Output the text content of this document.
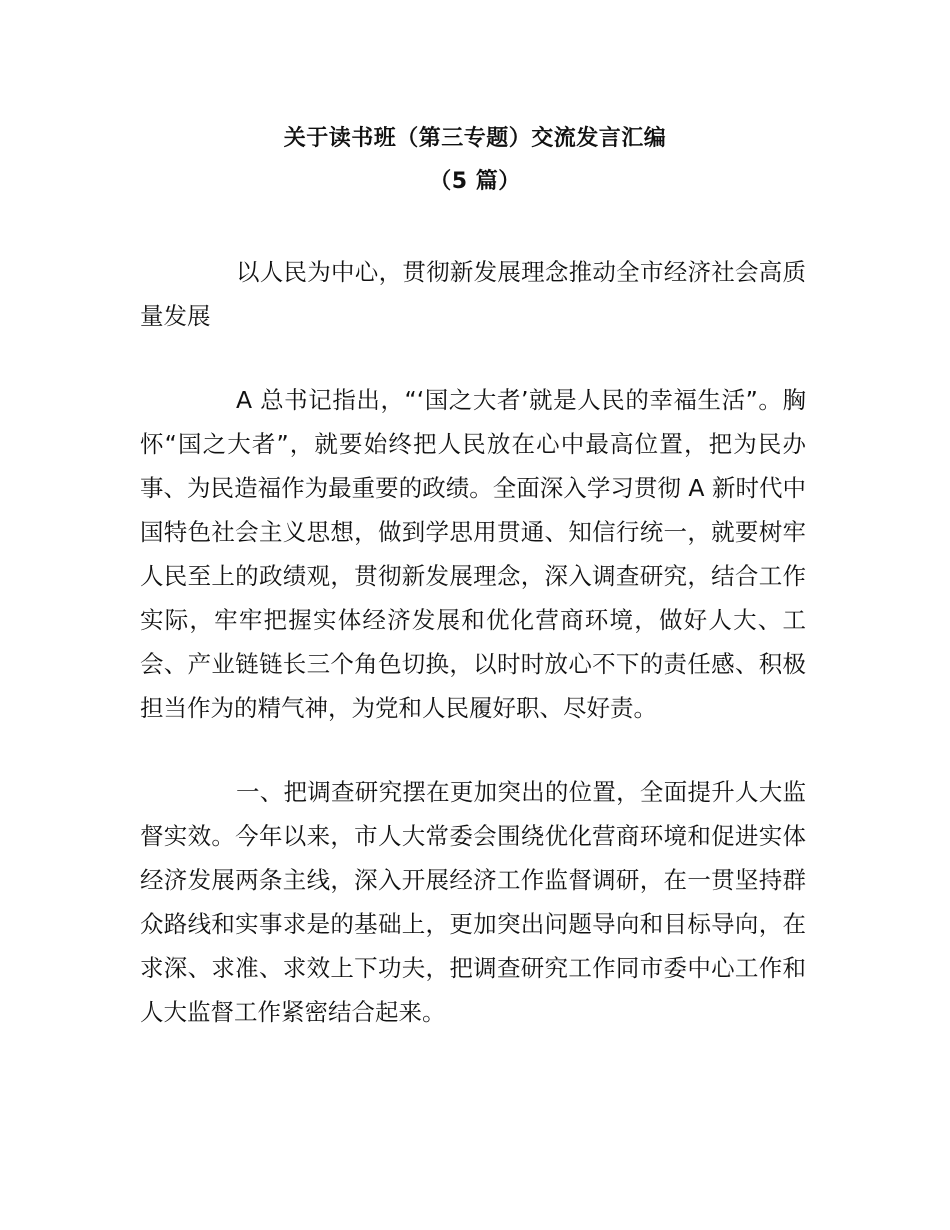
关于读书班（第三专题）交流发言汇编
（5 篇）

以人民为中心，贯彻新发展理念推动全市经济社会高质量发展

A 总书记指出，“‘国之大者’就是人民的幸福生活”。胸怀“国之大者”，就要始终把人民放在心中最高位置，把为民办事、为民造福作为最重要的政绩。全面深入学习贯彻 A 新时代中国特色社会主义思想，做到学思用贯通、知信行统一，就要树牢人民至上的政绩观，贯彻新发展理念，深入调查研究，结合工作实际，牢牢把握实体经济发展和优化营商环境，做好人大、工会、产业链链长三个角色切换，以时时放心不下的责任感、积极担当作为的精气神，为党和人民履好职、尽好责。

一、把调查研究摆在更加突出的位置，全面提升人大监督实效。今年以来，市人大常委会围绕优化营商环境和促进实体经济发展两条主线，深入开展经济工作监督调研，在一贯坚持群众路线和实事求是的基础上，更加突出问题导向和目标导向，在求深、求准、求效上下功夫，把调查研究工作同市委中心工作和人大监督工作紧密结合起来。
